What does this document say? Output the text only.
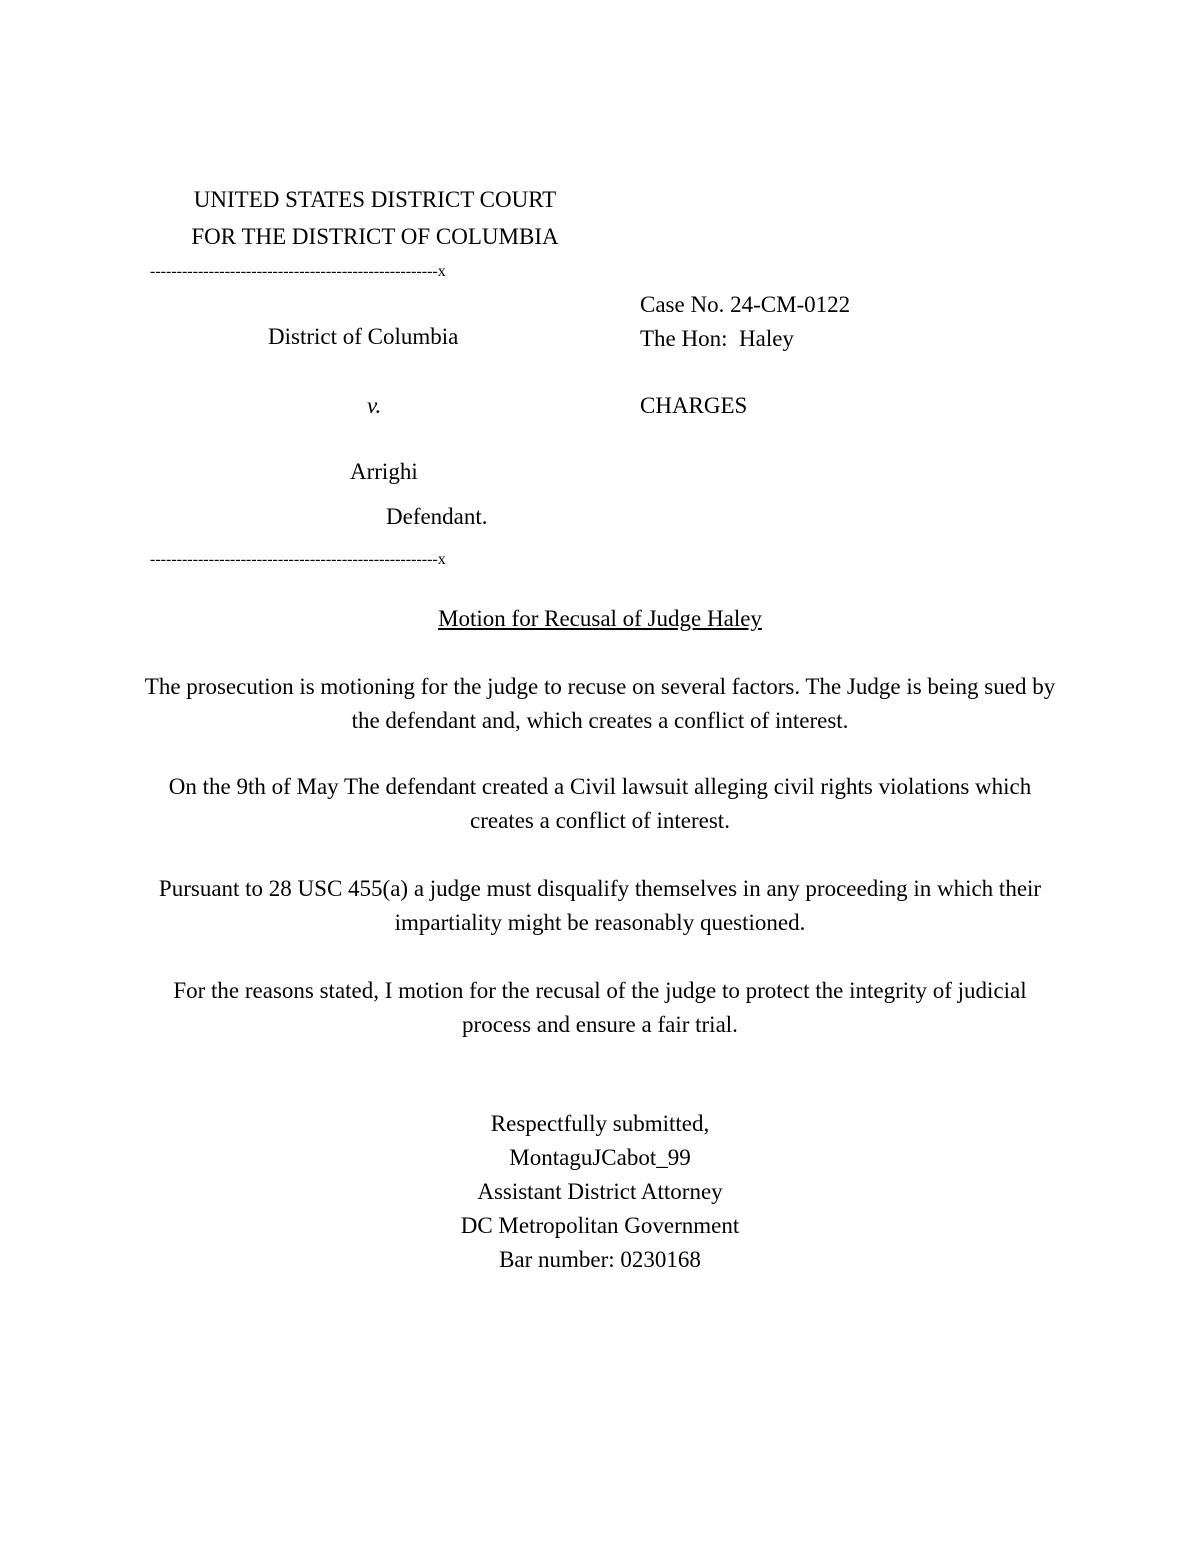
UNITED STATES DISTRICT COURT
FOR THE DISTRICT OF COLUMBIA
------------------------------------------------------x
District of Columbia
v.
Arrighi
Defendant.
Case No. 24-CM-0122
The Hon:  Haley
CHARGES
------------------------------------------------------x
Motion for Recusal of Judge Haley
The prosecution is motioning for the judge to recuse on several factors. The Judge is being sued by the defendant and, which creates a conflict of interest.
On the 9th of May The defendant created a Civil lawsuit alleging civil rights violations which creates a conflict of interest.
Pursuant to 28 USC 455(a) a judge must disqualify themselves in any proceeding in which their impartiality might be reasonably questioned.
For the reasons stated, I motion for the recusal of the judge to protect the integrity of judicial process and ensure a fair trial.
Respectfully submitted,
MontaguJCabot_99
Assistant District Attorney
DC Metropolitan Government
Bar number: 0230168
